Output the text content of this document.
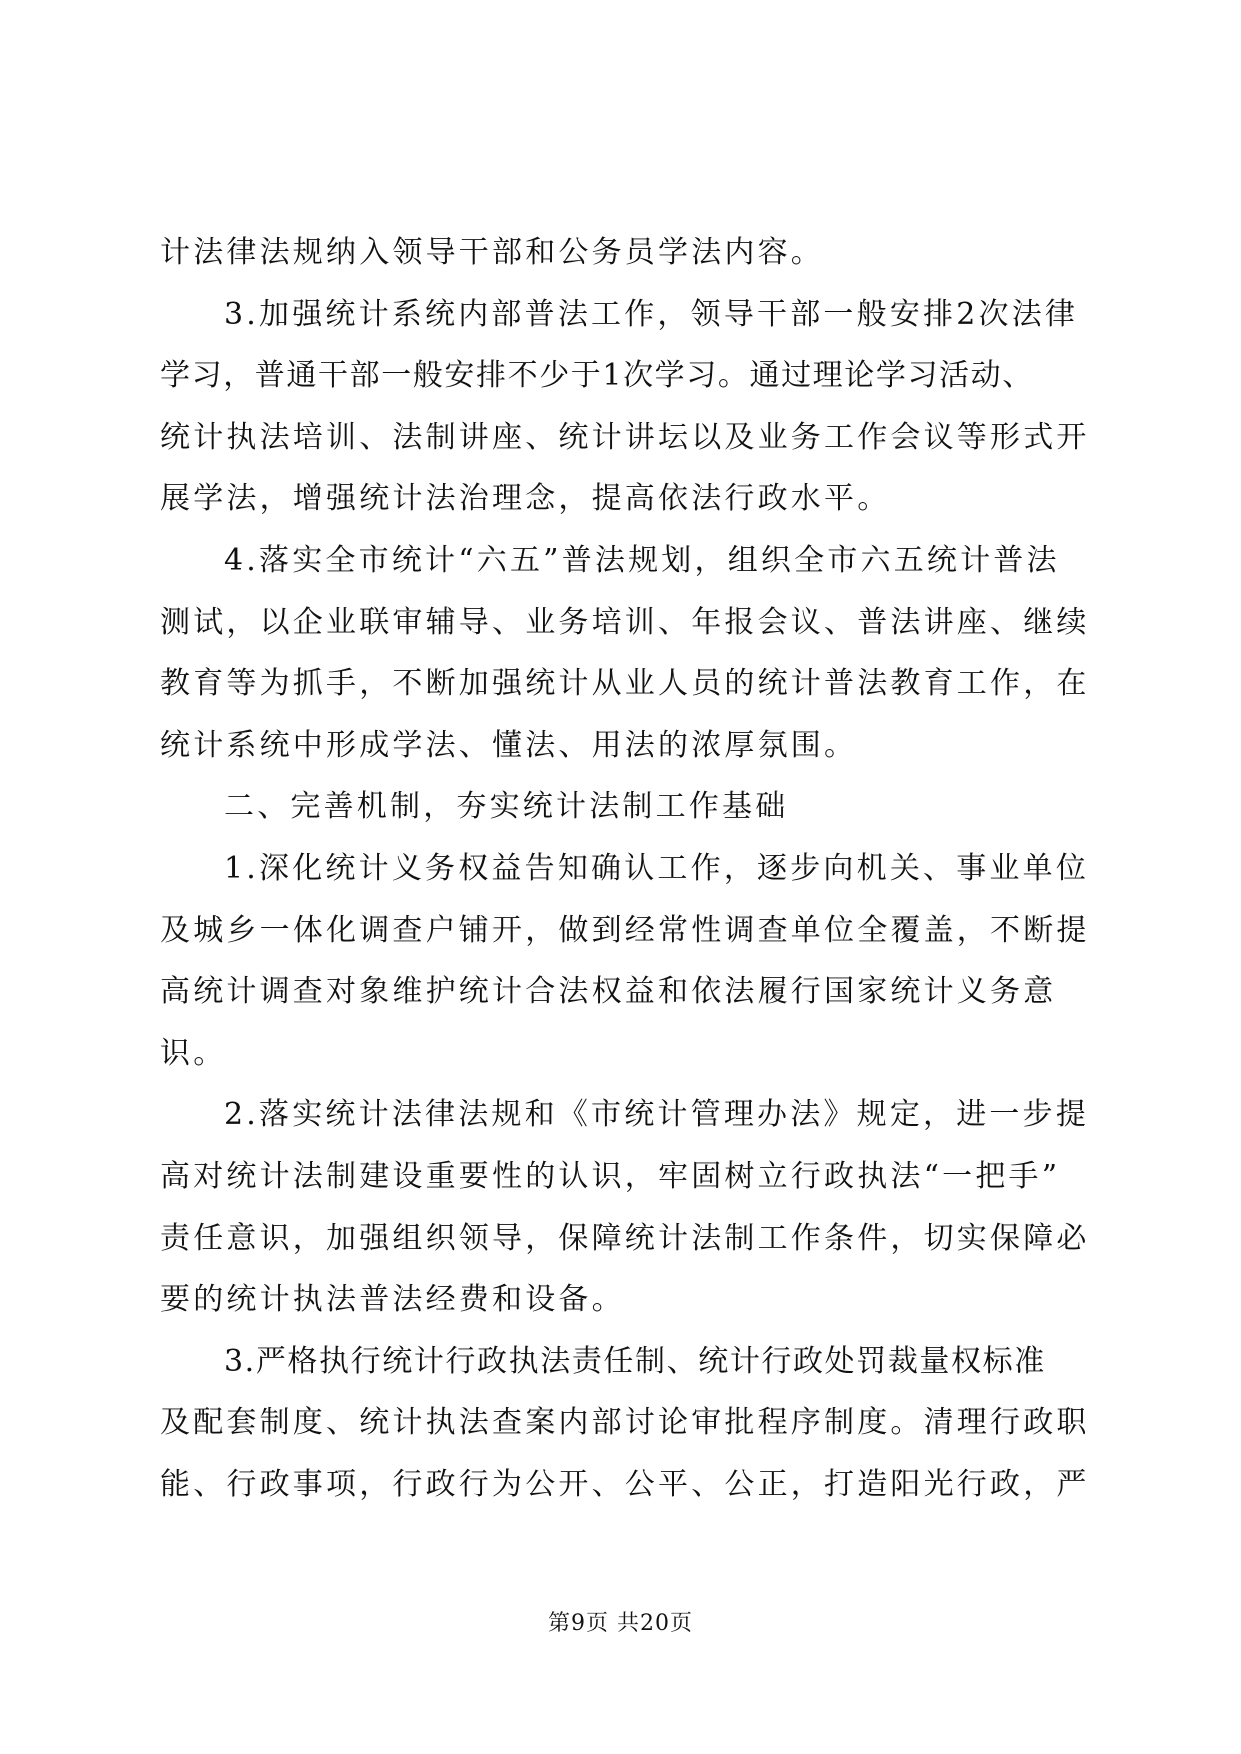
计法律法规纳入领导干部和公务员学法内容。
3.加强统计系统内部普法工作，领导干部一般安排2次法律
学习，普通干部一般安排不少于1次学习。通过理论学习活动、
统计执法培训、法制讲座、统计讲坛以及业务工作会议等形式开
展学法，增强统计法治理念，提高依法行政水平。
4.落实全市统计“六五”普法规划，组织全市六五统计普法
测试，以企业联审辅导、业务培训、年报会议、普法讲座、继续
教育等为抓手，不断加强统计从业人员的统计普法教育工作，在
统计系统中形成学法、懂法、用法的浓厚氛围。
二、完善机制，夯实统计法制工作基础
1.深化统计义务权益告知确认工作，逐步向机关、事业单位
及城乡一体化调查户铺开，做到经常性调查单位全覆盖，不断提
高统计调查对象维护统计合法权益和依法履行国家统计义务意
识。
2.落实统计法律法规和《市统计管理办法》规定，进一步提
高对统计法制建设重要性的认识，牢固树立行政执法“一把手”
责任意识，加强组织领导，保障统计法制工作条件，切实保障必
要的统计执法普法经费和设备。
3.严格执行统计行政执法责任制、统计行政处罚裁量权标准
及配套制度、统计执法查案内部讨论审批程序制度。清理行政职
能、行政事项，行政行为公开、公平、公正，打造阳光行政，严
第9页 共20页
